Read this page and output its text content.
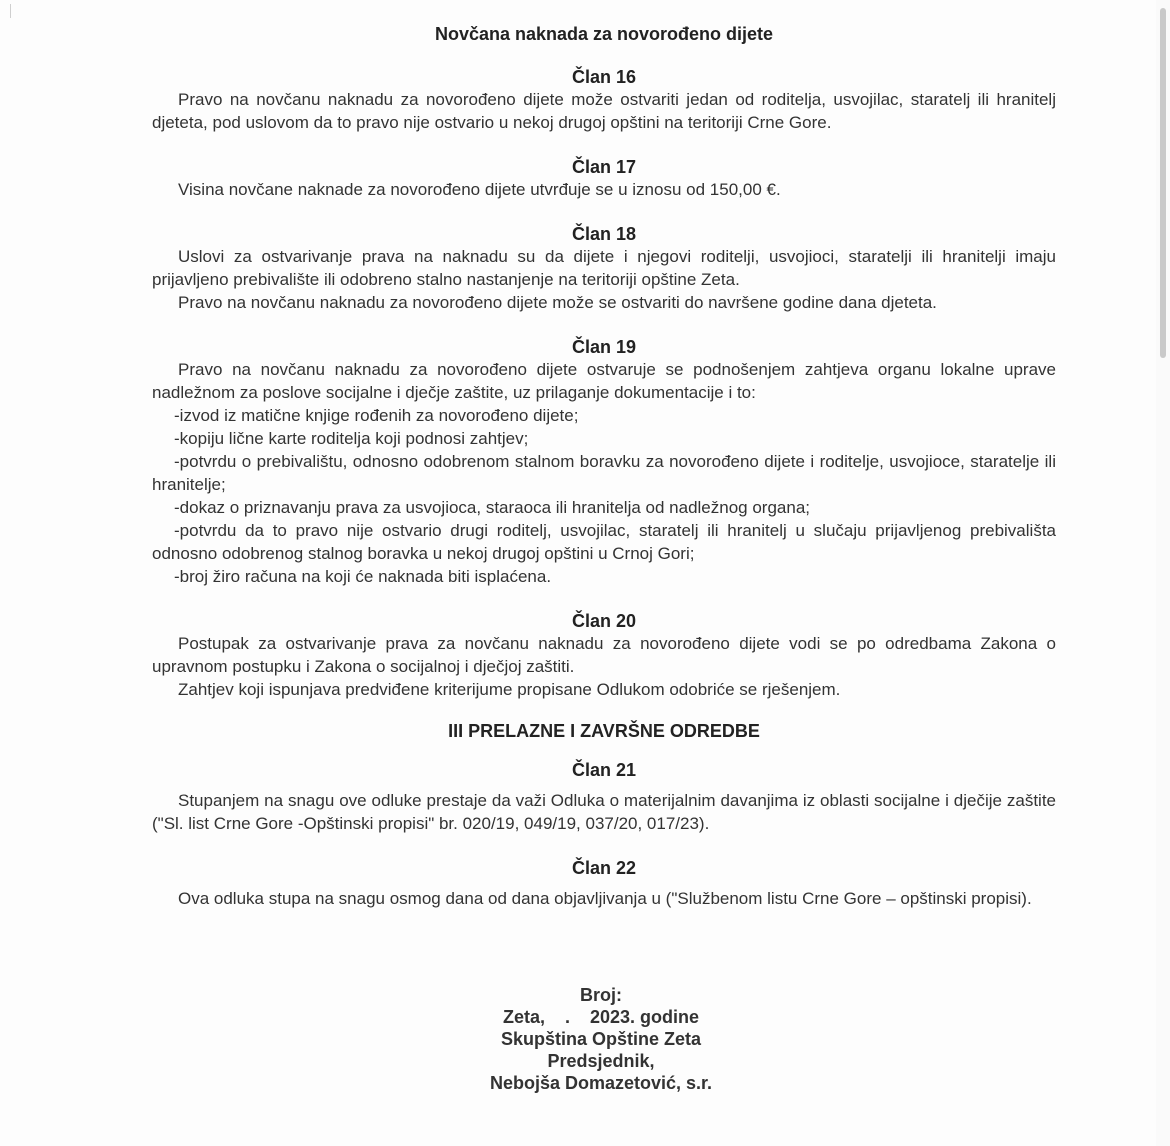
Novčana naknada za novorođeno dijete
Član 16

Pravo na novčanu naknadu za novorođeno dijete može ostvariti jedan od roditelja, usvojilac, staratelj ili hranitelj djeteta, pod uslovom da to pravo nije ostvario u nekoj drugoj opštini na teritoriji Crne Gore.

Član 17

Visina novčane naknade za novorođeno dijete utvrđuje se u iznosu od 150,00 €.

Član 18

Uslovi za ostvarivanje prava na naknadu su da dijete i njegovi roditelji, usvojioci, staratelji ili hranitelji imaju prijavljeno prebivalište ili odobreno stalno nastanjenje na teritoriji opštine Zeta.

Pravo na novčanu naknadu za novorođeno dijete može se ostvariti do navršene godine dana djeteta.

Član 19

Pravo na novčanu naknadu za novorođeno dijete ostvaruje se podnošenjem zahtjeva organu lokalne uprave nadležnom za poslove socijalne i dječje zaštite, uz prilaganje dokumentacije i to:

-izvod iz matične knjige rođenih za novorođeno dijete;

-kopiju lične karte roditelja koji podnosi zahtjev;

-potvrdu o prebivalištu, odnosno odobrenom stalnom boravku za novorođeno dijete i roditelje, usvojioce, staratelje ili hranitelje;

-dokaz o priznavanju prava za usvojioca, staraoca ili hranitelja od nadležnog organa;

-potvrdu da to pravo nije ostvario drugi roditelj, usvojilac, staratelj ili hranitelj u slučaju prijavljenog prebivališta odnosno odobrenog stalnog boravka u nekoj drugoj opštini u Crnoj Gori;

-broj žiro računa na koji će naknada biti isplaćena.

Član 20

Postupak za ostvarivanje prava za novčanu naknadu za novorođeno dijete vodi se po odredbama Zakona o upravnom postupku i Zakona o socijalnoj i dječjoj zaštiti.

Zahtjev koji ispunjava predviđene kriterijume propisane Odlukom odobriće se rješenjem.

III PRELAZNE I ZAVRŠNE ODREDBE
Član 21

Stupanjem na snagu ove odluke prestaje da važi Odluka o materijalnim davanjima iz oblasti socijalne i dječije zaštite ("Sl. list Crne Gore -Opštinski propisi" br. 020/19, 049/19, 037/20, 017/23).

Član 22

Ova odluka stupa na snagu osmog dana od dana objavljivanja u ("Službenom listu Crne Gore – opštinski propisi).

Broj:
Zeta,    .    2023. godine
Skupština Opštine Zeta
Predsjednik,
Nebojša Domazetović, s.r.
